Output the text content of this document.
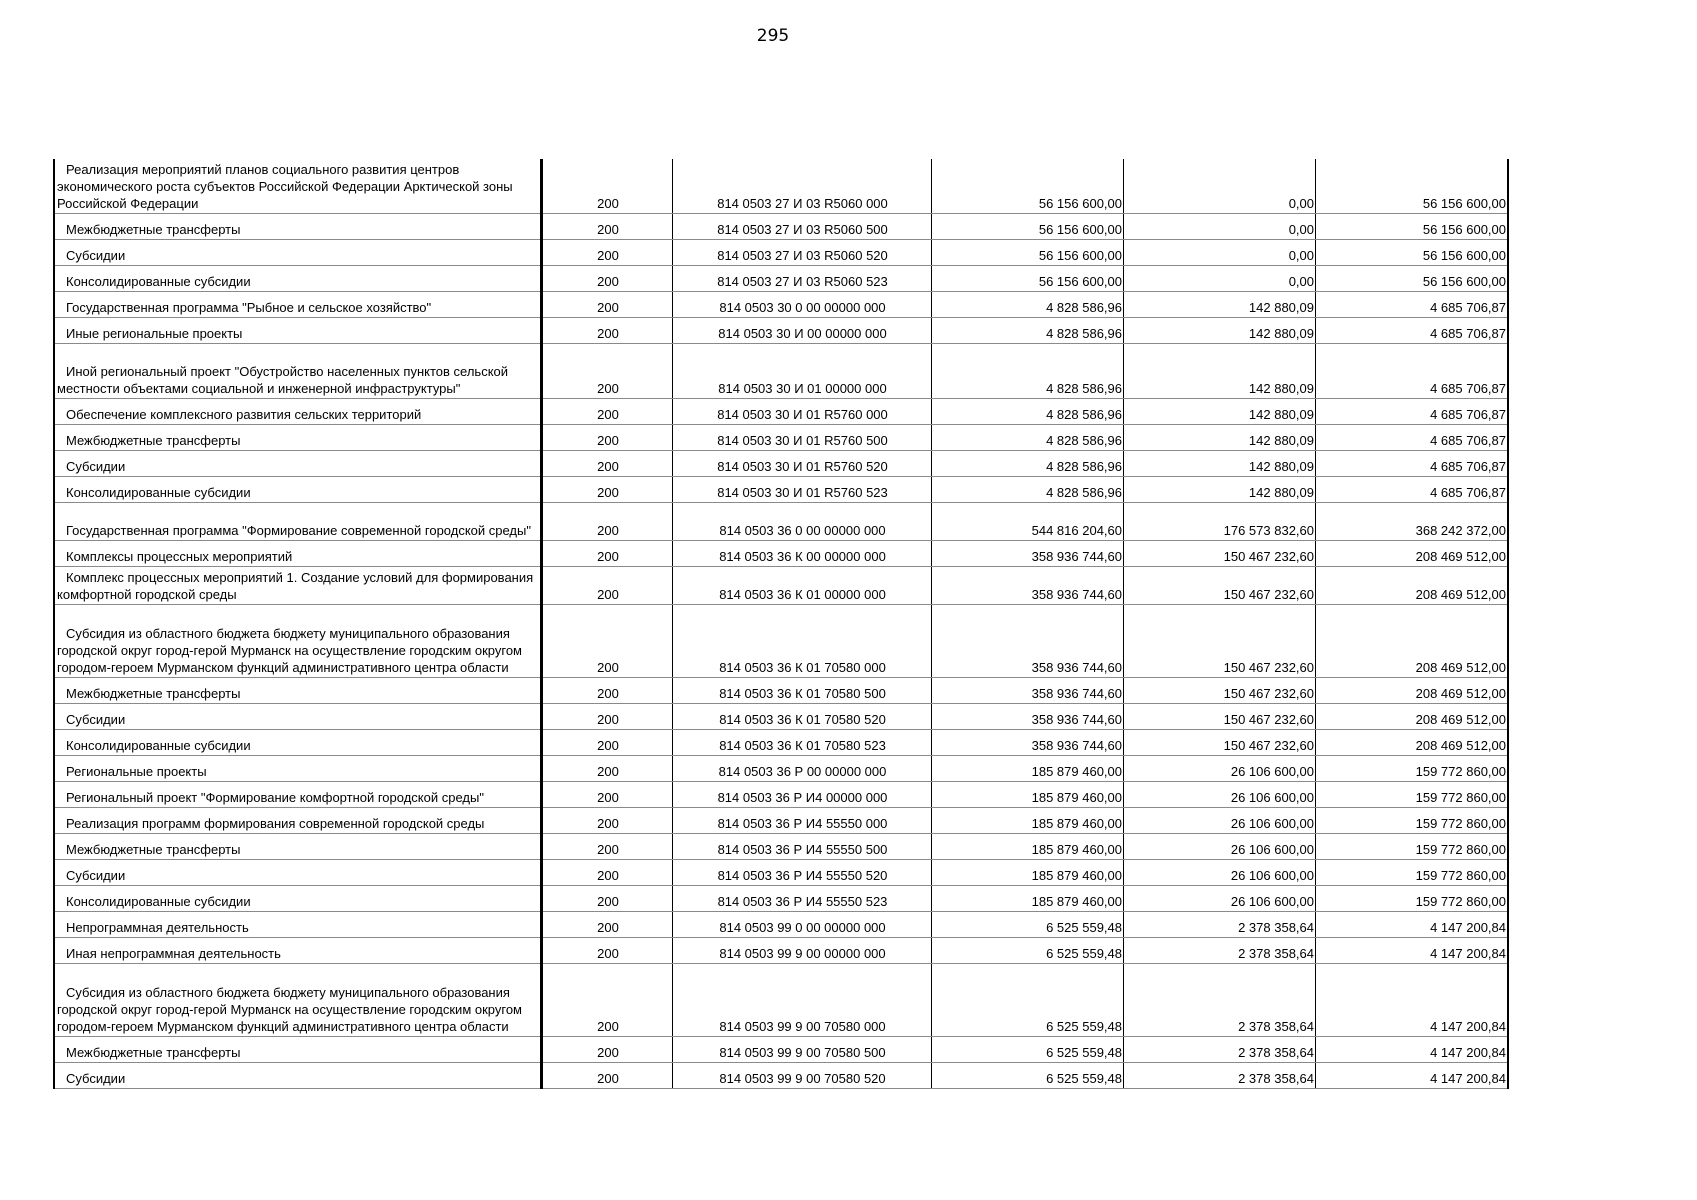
295
Реализация мероприятий планов социального развития центров экономического роста субъектов Российской Федерации Арктической зоны Российской Федерации	200	814 0503 27 И 03 R5060 000	56 156 600,00	0,00	56 156 600,00
Межбюджетные трансферты	200	814 0503 27 И 03 R5060 500	56 156 600,00	0,00	56 156 600,00
Субсидии	200	814 0503 27 И 03 R5060 520	56 156 600,00	0,00	56 156 600,00
Консолидированные субсидии	200	814 0503 27 И 03 R5060 523	56 156 600,00	0,00	56 156 600,00
Государственная программа "Рыбное и сельское хозяйство"	200	814 0503 30 0 00 00000 000	4 828 586,96	142 880,09	4 685 706,87
Иные региональные проекты	200	814 0503 30 И 00 00000 000	4 828 586,96	142 880,09	4 685 706,87
Иной региональный проект "Обустройство населенных пунктов сельской местности объектами социальной и инженерной инфраструктуры"	200	814 0503 30 И 01 00000 000	4 828 586,96	142 880,09	4 685 706,87
Обеспечение комплексного развития сельских территорий	200	814 0503 30 И 01 R5760 000	4 828 586,96	142 880,09	4 685 706,87
Межбюджетные трансферты	200	814 0503 30 И 01 R5760 500	4 828 586,96	142 880,09	4 685 706,87
Субсидии	200	814 0503 30 И 01 R5760 520	4 828 586,96	142 880,09	4 685 706,87
Консолидированные субсидии	200	814 0503 30 И 01 R5760 523	4 828 586,96	142 880,09	4 685 706,87
Государственная программа "Формирование современной городской среды"	200	814 0503 36 0 00 00000 000	544 816 204,60	176 573 832,60	368 242 372,00
Комплексы процессных мероприятий	200	814 0503 36 К 00 00000 000	358 936 744,60	150 467 232,60	208 469 512,00
Комплекс процессных мероприятий 1. Создание условий для формирования комфортной городской среды	200	814 0503 36 К 01 00000 000	358 936 744,60	150 467 232,60	208 469 512,00
Субсидия из областного бюджета бюджету муниципального образования городской округ город-герой Мурманск на осуществление городским округом городом-героем Мурманском функций административного центра области	200	814 0503 36 К 01 70580 000	358 936 744,60	150 467 232,60	208 469 512,00
Межбюджетные трансферты	200	814 0503 36 К 01 70580 500	358 936 744,60	150 467 232,60	208 469 512,00
Субсидии	200	814 0503 36 К 01 70580 520	358 936 744,60	150 467 232,60	208 469 512,00
Консолидированные субсидии	200	814 0503 36 К 01 70580 523	358 936 744,60	150 467 232,60	208 469 512,00
Региональные проекты	200	814 0503 36 Р 00 00000 000	185 879 460,00	26 106 600,00	159 772 860,00
Региональный проект "Формирование комфортной городской среды"	200	814 0503 36 Р И4 00000 000	185 879 460,00	26 106 600,00	159 772 860,00
Реализация программ формирования современной городской среды	200	814 0503 36 Р И4 55550 000	185 879 460,00	26 106 600,00	159 772 860,00
Межбюджетные трансферты	200	814 0503 36 Р И4 55550 500	185 879 460,00	26 106 600,00	159 772 860,00
Субсидии	200	814 0503 36 Р И4 55550 520	185 879 460,00	26 106 600,00	159 772 860,00
Консолидированные субсидии	200	814 0503 36 Р И4 55550 523	185 879 460,00	26 106 600,00	159 772 860,00
Непрограммная деятельность	200	814 0503 99 0 00 00000 000	6 525 559,48	2 378 358,64	4 147 200,84
Иная непрограммная деятельность	200	814 0503 99 9 00 00000 000	6 525 559,48	2 378 358,64	4 147 200,84
Субсидия из областного бюджета бюджету муниципального образования городской округ город-герой Мурманск на осуществление городским округом городом-героем Мурманском функций административного центра области	200	814 0503 99 9 00 70580 000	6 525 559,48	2 378 358,64	4 147 200,84
Межбюджетные трансферты	200	814 0503 99 9 00 70580 500	6 525 559,48	2 378 358,64	4 147 200,84
Субсидии	200	814 0503 99 9 00 70580 520	6 525 559,48	2 378 358,64	4 147 200,84
